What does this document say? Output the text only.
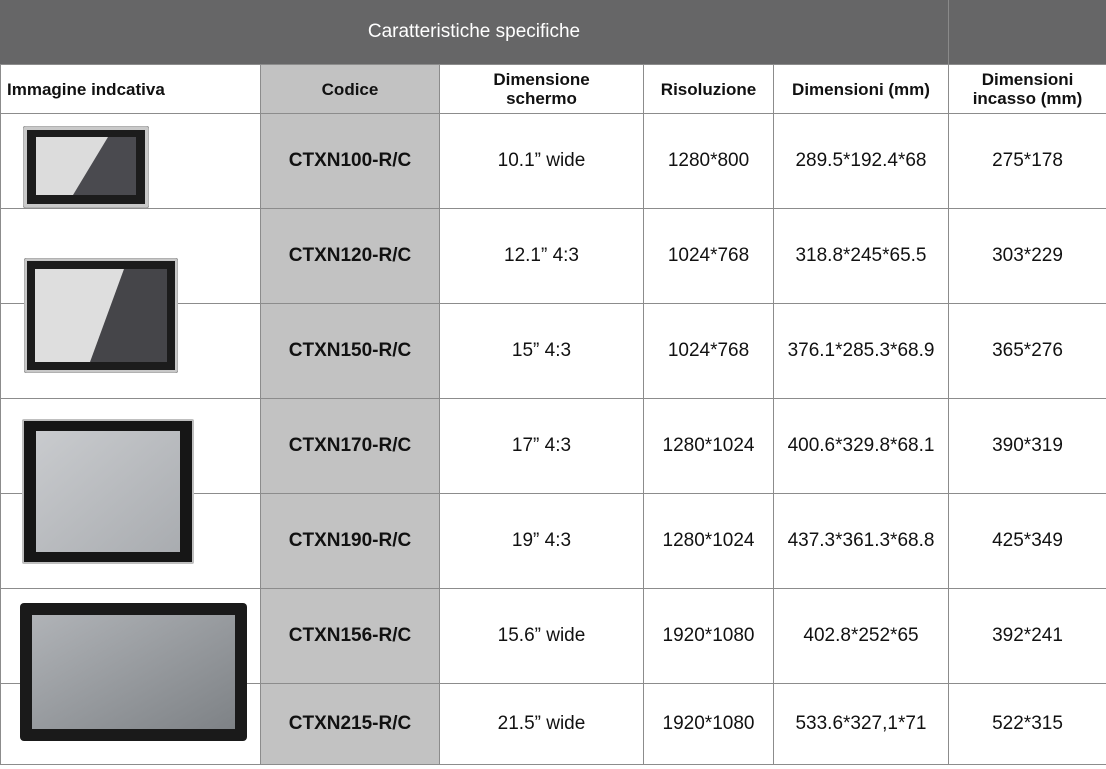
Caratteristiche specifiche
Immagine indcativa	Codice	Dimensione schermo	Risoluzione	Dimensioni (mm)	Dimensioni incasso (mm)
	CTXN100-R/C	10.1” wide	1280*800	289.5*192.4*68	275*178
	CTXN120-R/C	12.1” 4:3	1024*768	318.8*245*65.5	303*229
	CTXN150-R/C	15” 4:3	1024*768	376.1*285.3*68.9	365*276
	CTXN170-R/C	17” 4:3	1280*1024	400.6*329.8*68.1	390*319
	CTXN190-R/C	19” 4:3	1280*1024	437.3*361.3*68.8	425*349
	CTXN156-R/C	15.6” wide	1920*1080	402.8*252*65	392*241
	CTXN215-R/C	21.5” wide	1920*1080	533.6*327,1*71	522*315
